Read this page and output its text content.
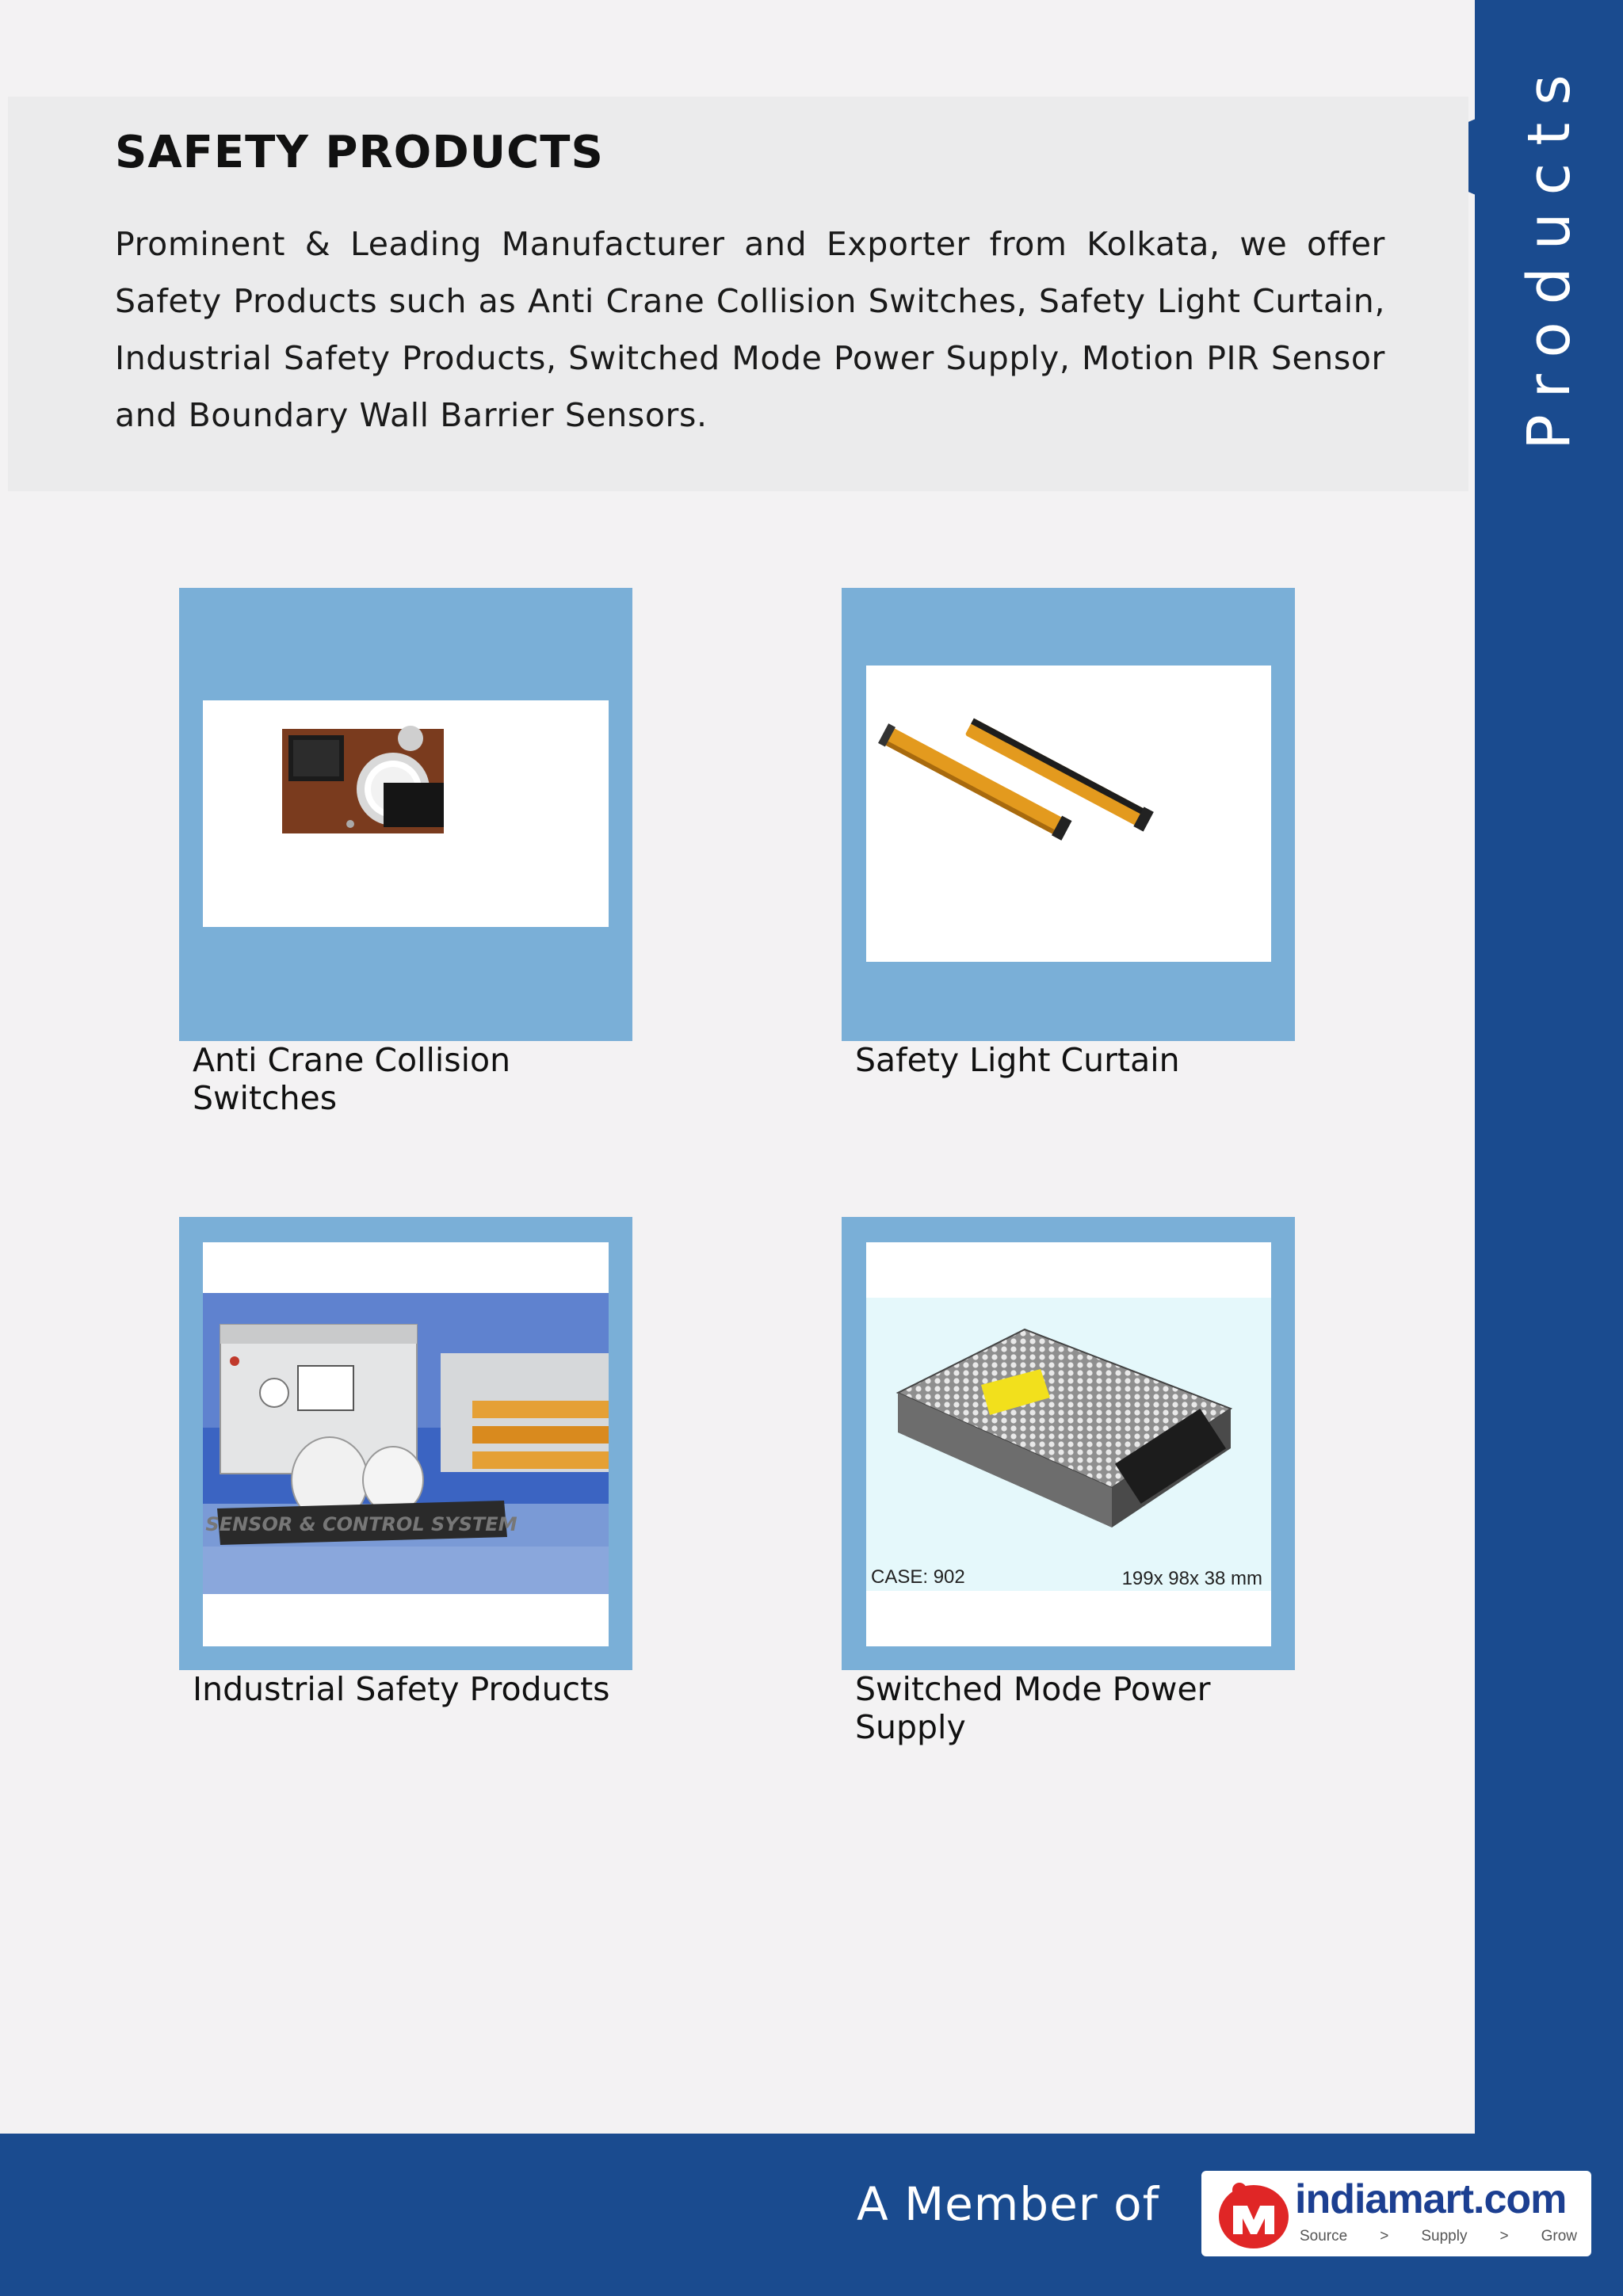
Products
SAFETY PRODUCTS

Prominent & Leading Manufacturer and Exporter from Kolkata, we offer Safety Products such as Anti Crane Collision Switches, Safety Light Curtain, Industrial Safety Products, Switched Mode Power Supply, Motion PIR Sensor and Boundary Wall Barrier Sensors.

Anti Crane Collision Switches

Safety Light Curtain

SENSOR & CONTROL SYSTEM

Industrial Safety Products

CASE: 902	199x 98x 38 mm

Switched Mode Power Supply

A Member of	indiamart.com
Source > Supply > Grow
